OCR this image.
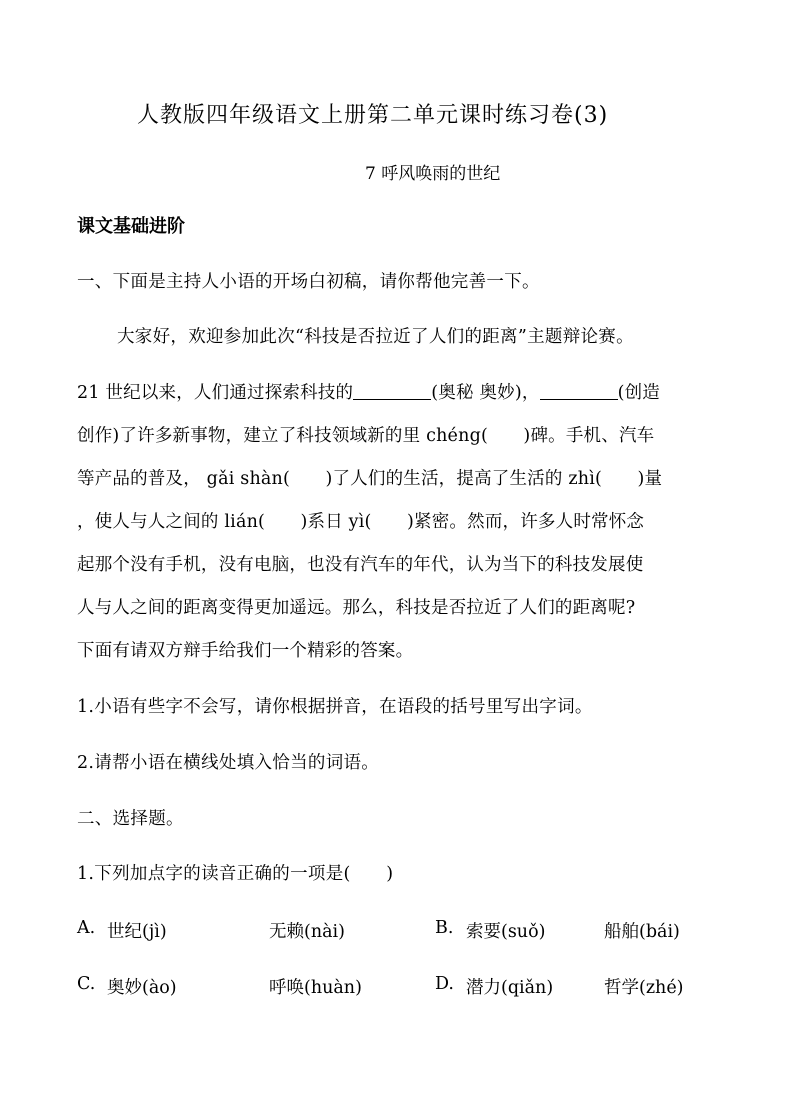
人教版四年级语文上册第二单元课时练习卷(3)
7 呼风唤雨的世纪
课文基础进阶
一、下面是主持人小语的开场白初稿，请你帮他完善一下。
大家好，欢迎参加此次“科技是否拉近了人们的距离”主题辩论赛。
21 世纪以来，人们通过探索科技的	(奥秘 奥妙)，	(创造
创作)了许多新事物，建立了科技领域新的里 chéng(　　)碑。手机、汽车
等产品的普及， gǎi shàn(　　)了人们的生活，提高了生活的 zhì(　　)量
，使人与人之间的 lián(　　)系日 yì(　　)紧密。然而，许多人时常怀念
起那个没有手机，没有电脑，也没有汽车的年代，认为当下的科技发展使
人与人之间的距离变得更加遥远。那么，科技是否拉近了人们的距离呢?
下面有请双方辩手给我们一个精彩的答案。
1.小语有些字不会写，请你根据拼音，在语段的括号里写出字词。
2.请帮小语在横线处填入恰当的词语。
二、选择题。
1.下列加点字的读音正确的一项是(　　)
A. 世纪(jì)	无赖(nài)	B. 索要(suǒ)	船舶(bái)
C. 奥妙(ào)	呼唤(huàn)	D. 潜力(qiǎn)	哲学(zhé)
